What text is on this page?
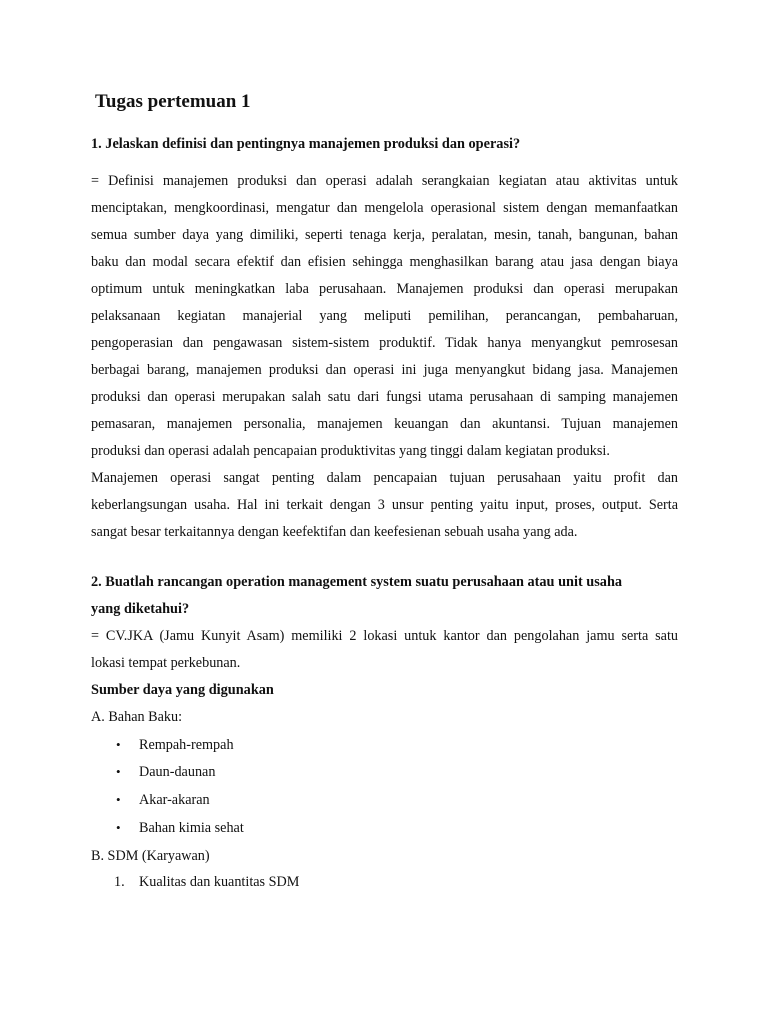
Tugas pertemuan 1
1. Jelaskan definisi dan pentingnya manajemen produksi dan operasi?
= Definisi manajemen produksi dan operasi adalah serangkaian kegiatan atau aktivitas untuk
menciptakan, mengkoordinasi, mengatur dan mengelola operasional sistem dengan memanfaatkan
semua sumber daya yang dimiliki, seperti tenaga kerja, peralatan, mesin, tanah, bangunan, bahan
baku dan modal secara efektif dan efisien sehingga menghasilkan barang atau jasa dengan biaya
optimum untuk meningkatkan laba perusahaan. Manajemen produksi dan operasi merupakan
pelaksanaan kegiatan manajerial yang meliputi pemilihan, perancangan, pembaharuan,
pengoperasian dan pengawasan sistem-sistem produktif. Tidak hanya menyangkut pemrosesan
berbagai barang, manajemen produksi dan operasi ini juga menyangkut bidang jasa. Manajemen
produksi dan operasi merupakan salah satu dari fungsi utama perusahaan di samping manajemen
pemasaran, manajemen personalia, manajemen keuangan dan akuntansi. Tujuan manajemen
produksi dan operasi adalah pencapaian produktivitas yang tinggi dalam kegiatan produksi.
Manajemen operasi sangat penting dalam pencapaian tujuan perusahaan yaitu profit dan
keberlangsungan usaha. Hal ini terkait dengan 3 unsur penting yaitu input, proses, output. Serta
sangat besar terkaitannya dengan keefektifan dan keefesienan sebuah usaha yang ada.
2. Buatlah rancangan operation management system suatu perusahaan atau unit usaha
yang diketahui?
= CV.JKA (Jamu Kunyit Asam) memiliki 2 lokasi untuk kantor dan pengolahan jamu serta satu
lokasi tempat perkebunan.
Sumber daya yang digunakan
A. Bahan Baku:
• Rempah-rempah
• Daun-daunan
• Akar-akaran
• Bahan kimia sehat
B. SDM (Karyawan)
1. Kualitas dan kuantitas SDM
